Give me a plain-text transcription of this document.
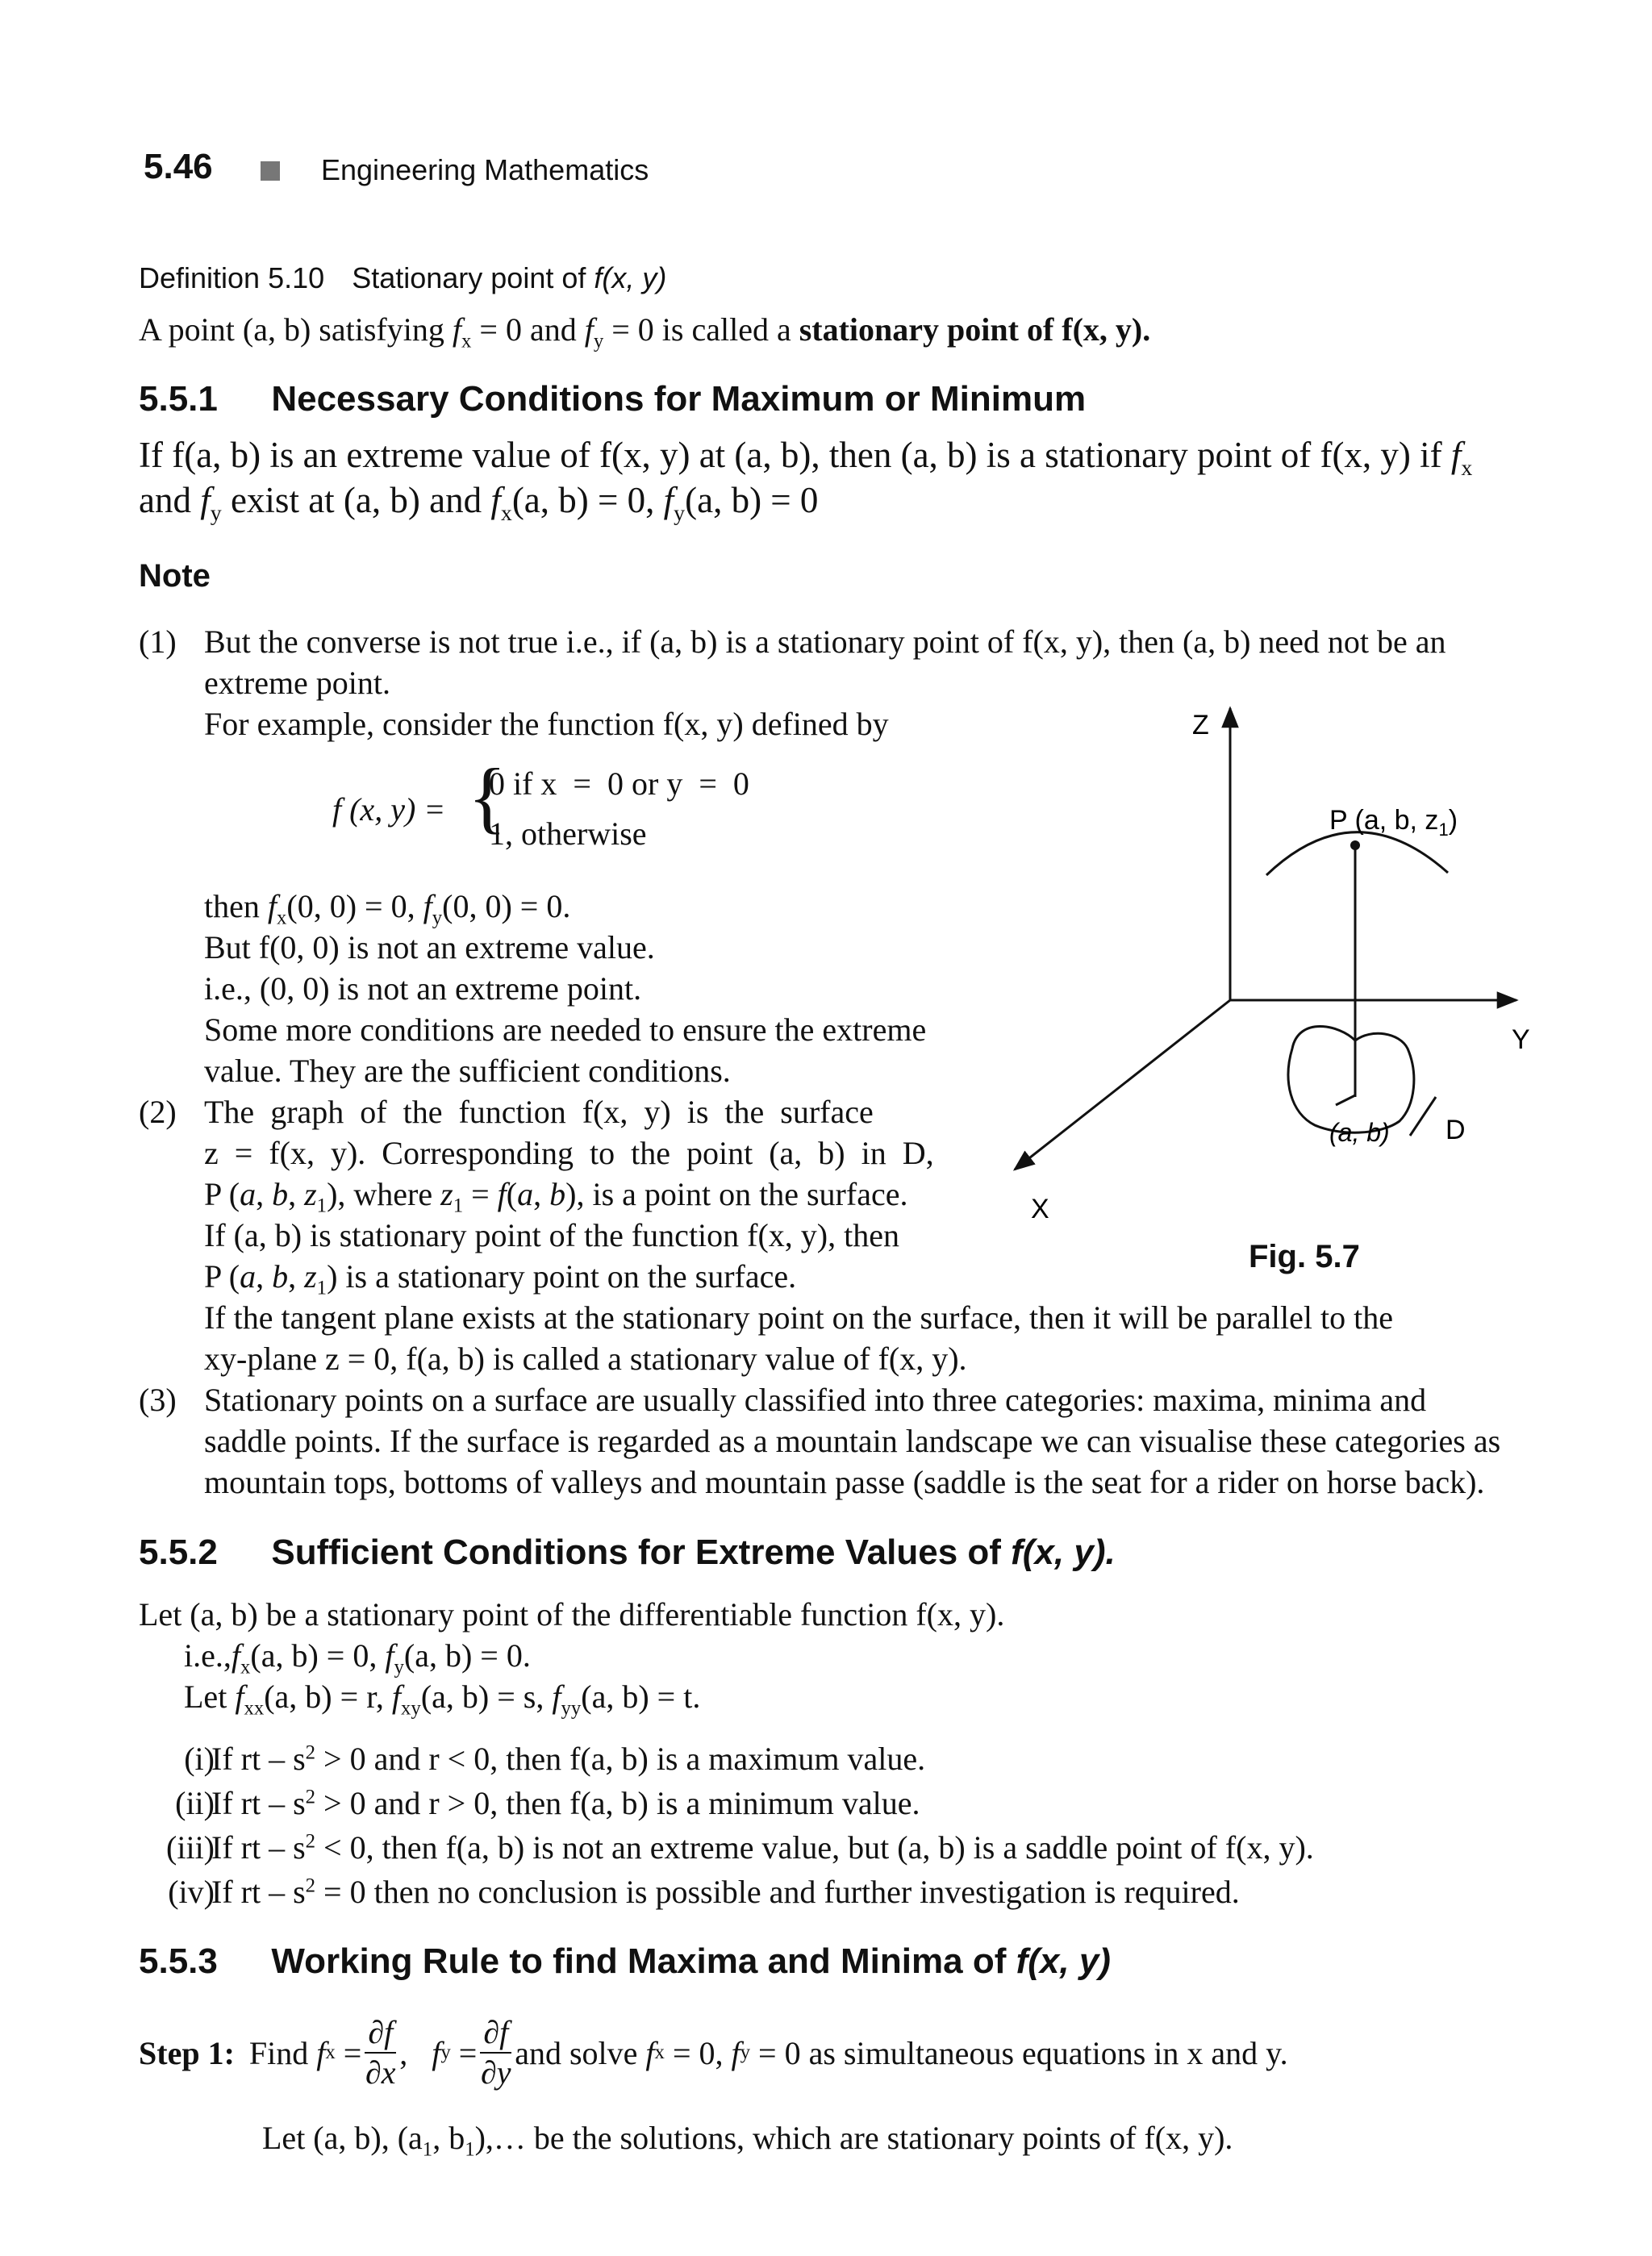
5.46	Engineering Mathematics
Definition 5.10 Stationary point of f(x, y)
A point (a, b) satisfying $f_x = 0$ and $f_y = 0$ is called a stationary point of f(x, y).
5.5.1 Necessary Conditions for Maximum or Minimum
If f(a, b) is an extreme value of f(x, y) at (a, b), then (a, b) is a stationary point of f(x, y) if $f_x$
and $f_y$ exist at (a, b) and $f_x(a$, b) = 0, $f_y(a$, b) = 0
Note
(1) But the converse is not true i.e., if (a, b) is a stationary point of f(x, y), then (a, b) need not be an
extreme point.
For example, consider the function f(x, y) defined by
f (x, y) = {
0 if x  =  0 or y  =  0
1, otherwise
then $f_x(0$, 0) = 0, $f_y(0$, 0) = 0.
But f(0, 0) is not an extreme value.
i.e., (0, 0) is not an extreme point.
Some more conditions are needed to ensure the extreme
value. They are the sufficient conditions.
(2) The  graph  of  the  function  f(x,  y)  is  the  surface
z  =  f(x,  y).  Corresponding  to  the  point  (a,  b)  in  D,
P (a, b, $z_1$), where $z_1 = f(a$, b), is a point on the surface.
If (a, b) is stationary point of the function f(x, y), then
P (a, b, $z_1$) is a stationary point on the surface.
If the tangent plane exists at the stationary point on the surface, then it will be parallel to the
xy-plane z = 0, f(a, b) is called a stationary value of f(x, y).
(3) Stationary points on a surface are usually classified into three categories: maxima, minima and
saddle points. If the surface is regarded as a mountain landscape we can visualise these categories as
mountain tops, bottoms of valleys and mountain passe (saddle is the seat for a rider on horse back).
Z
Y
X
P (a, b, $z_1$)
(a, b) D
Fig. 5.7
5.5.2 Sufficient Conditions for Extreme Values of f(x, y).
Let (a, b) be a stationary point of the differentiable function f(x, y).
$i.e.,f_x(a$, b) = 0, $f_y(a$, b) = 0.
Let $f_{xx}(a$, b) = r, $f_{xy}(a$, b) = s, $f_{yy}(a$, b) = t.
(i)
If rt – $s^2 > 0$ and r < 0, then f(a, b) is a maximum value.
(ii)
If rt – $s^2 > 0$ and r > 0, then f(a, b) is a minimum value.
(iii)
If rt – $s^2 < 0$, then f(a, b) is not an extreme value, but (a, b) is a saddle point of f(x, y).
(iv)
If rt – $s^2 = 0$ then no conclusion is possible and further investigation is required.
5.5.3 Working Rule to find Maxima and Minima of f(x, y)
Step 1: Find
f $x = \frac{\partial f}{\partial x}$ , f $y = \frac{\partial f}{\partial y}$ and solve
f x
= 0,
f y
= 0 as simultaneous equations in x and y.
Let (a, b), ($a_1$, $b_1),\dots$ be the solutions, which are stationary points of f(x, y).
